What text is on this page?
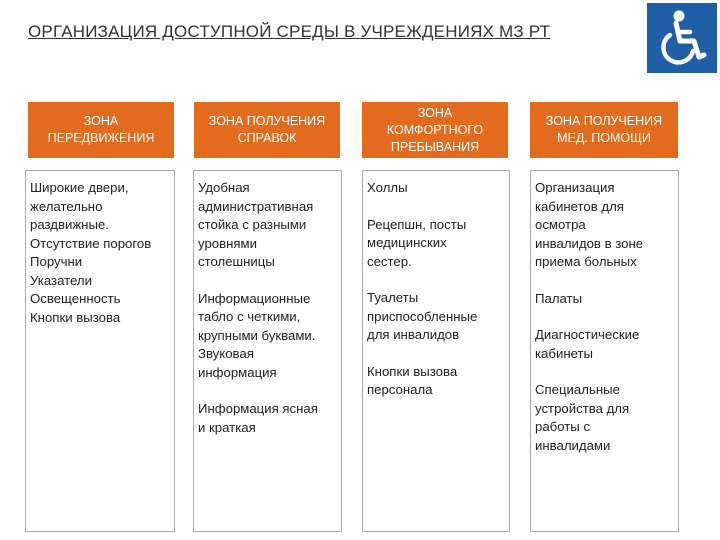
ОРГАНИЗАЦИЯ ДОСТУПНОЙ СРЕДЫ В УЧРЕЖДЕНИЯХ МЗ РТ
ЗОНА
ПЕРЕДВИЖЕНИЯ
ЗОНА ПОЛУЧЕНИЯ
СПРАВОК
ЗОНА
КОМФОРТНОГО
ПРЕБЫВАНИЯ
ЗОНА ПОЛУЧЕНИЯ
МЕД. ПОМОЩИ
Широкие двери,
желательно
раздвижные.
Отсутствие порогов
Поручни
Указатели
Освещенность
Кнопки вызова
Удобная
административная
стойка с разными
уровнями
столешницы
Информационные
табло с четкими,
крупными буквами.
Звуковая
информация
Информация ясная
и краткая
Холлы
Рецепшн, посты
медицинских
сестер.
Туалеты
приспособленные
для инвалидов
Кнопки вызова
персонала
Организация
кабинетов для
осмотра
инвалидов в зоне
приема больных
Палаты
Диагностические
кабинеты
Специальные
устройства для
работы с
инвалидами
